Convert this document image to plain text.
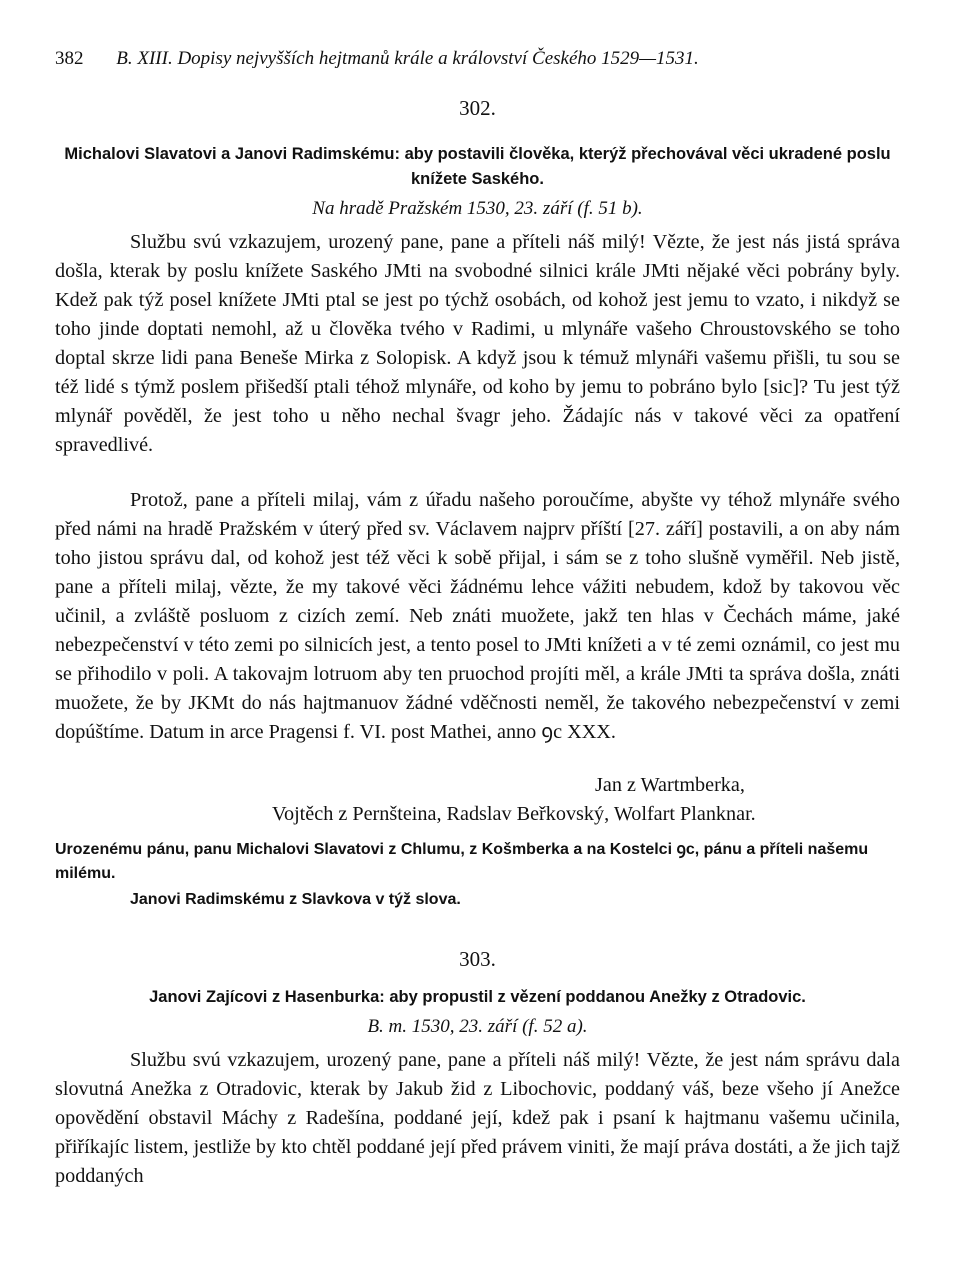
382 B. XIII. Dopisy nejvyšších hejtmanů krále a království Českého 1529—1531.
302.
Michalovi Slavatovi a Janovi Radimskému: aby postavili člověka, kterýž přechovával věci ukradené poslu knížete Saského.
Na hradě Pražském 1530, 23. září (f. 51 b).
Službu svú vzkazujem, urozený pane, pane a příteli náš milý! Vězte, že jest nás jistá správa došla, kterak by poslu knížete Saského JMti na svobodné silnici krále JMti nějaké věci pobrány byly. Kdež pak týž posel knížete JMti ptal se jest po týchž osobách, od kohož jest jemu to vzato, i nikdyž se toho jinde doptati nemohl, až u člověka tvého v Radimi, u mlynáře vašeho Chroustovského se toho doptal skrze lidi pana Beneše Mirka z Solopisk. A když jsou k témuž mlynáři vašemu přišli, tu sou se též lidé s týmž poslem přišedší ptali téhož mlynáře, od koho by jemu to pobráno bylo [sic]? Tu jest týž mlynář pověděl, že jest toho u něho nechal švagr jeho. Žádajíc nás v takové věci za opatření spravedlivé.
Protož, pane a příteli milaj, vám z úřadu našeho poroučíme, abyšte vy téhož mlynáře svého před námi na hradě Pražském v úterý před sv. Václavem najprv příští [27. září] postavili, a on aby nám toho jistou správu dal, od kohož jest též věci k sobě přijal, i sám se z toho slušně vyměřil. Neb jistě, pane a příteli milaj, vězte, že my takové věci žádnému lehce vážiti nebudem, kdož by takovou věc učinil, a zvláště posluom z cizích zemí. Neb znáti muožete, jakž ten hlas v Čechách máme, jaké nebezpečenství v této zemi po silnicích jest, a tento posel to JMti knížeti a v té zemi oznámil, co jest mu se přihodilo v poli. A takovajm lotruom aby ten pruochod projíti měl, a krále JMti ta správa došla, znáti muožete, že by JKMt do nás hajtmanuov žádné vděčnosti neměl, že takového nebezpečenství v zemi dopúštíme. Datum in arce Pragensi f. VI. post Mathei, anno ꝯc XXX.
Jan z Wartmberka,
Vojtěch z Pernšteina, Radslav Beřkovský, Wolfart Planknar.
Urozenému pánu, panu Michalovi Slavatovi z Chlumu, z Košmberka a na Kostelci ꝯc, pánu a příteli našemu milému.
Janovi Radimskému z Slavkova v týž slova.
303.
Janovi Zajícovi z Hasenburka: aby propustil z vězení poddanou Anežky z Otradovic.
B. m. 1530, 23. září (f. 52 a).
Službu svú vzkazujem, urozený pane, pane a příteli náš milý! Vězte, že jest nám správu dala slovutná Anežka z Otradovic, kterak by Jakub žid z Libochovic, poddaný váš, beze všeho jí Anežce opovědění obstavil Máchy z Radešína, poddané její, kdež pak i psaní k hajtmanu vašemu učinila, přiříkajíc listem, jestliže by kto chtěl poddané její před právem viniti, že mají práva dostáti, a že jich tajž poddaných
